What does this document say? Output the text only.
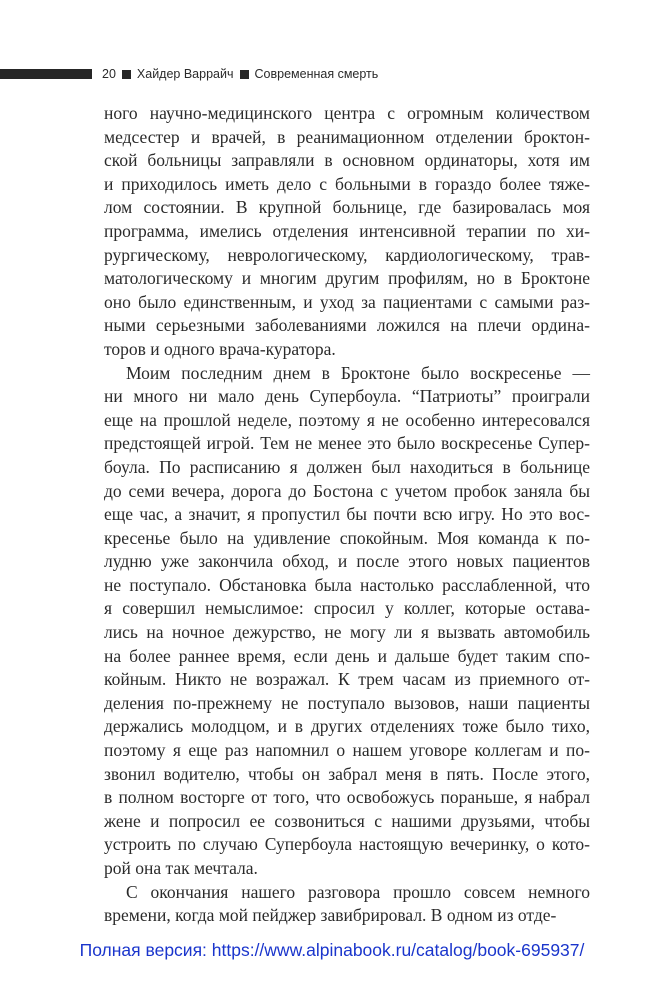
20 Хайдер Варрайч Современная смерть
ного научно-медицинского центра с огромным количеством
медсестер и врачей, в реанимационном отделении броктон-
ской больницы заправляли в основном ординаторы, хотя им
и приходилось иметь дело с больными в гораздо более тяже-
лом состоянии. В крупной больнице, где базировалась моя
программа, имелись отделения интенсивной терапии по хи-
рургическому, неврологическому, кардиологическому, трав-
матологическому и многим другим профилям, но в Броктоне
оно было единственным, и уход за пациентами с самыми раз-
ными серьезными заболеваниями ложился на плечи ордина-
торов и одного врача-куратора.
Моим последним днем в Броктоне было воскресенье —
ни много ни мало день Супербоула. “Патриоты” проиграли
еще на прошлой неделе, поэтому я не особенно интересовался
предстоящей игрой. Тем не менее это было воскресенье Супер-
боула. По расписанию я должен был находиться в больнице
до семи вечера, дорога до Бостона с учетом пробок заняла бы
еще час, а значит, я пропустил бы почти всю игру. Но это вос-
кресенье было на удивление спокойным. Моя команда к по-
лудню уже закончила обход, и после этого новых пациентов
не поступало. Обстановка была настолько расслабленной, что
я совершил немыслимое: спросил у коллег, которые остава-
лись на ночное дежурство, не могу ли я вызвать автомобиль
на более раннее время, если день и дальше будет таким спо-
койным. Никто не возражал. К трем часам из приемного от-
деления по-прежнему не поступало вызовов, наши пациенты
держались молодцом, и в других отделениях тоже было тихо,
поэтому я еще раз напомнил о нашем уговоре коллегам и по-
звонил водителю, чтобы он забрал меня в пять. После этого,
в полном восторге от того, что освобожусь пораньше, я набрал
жене и попросил ее созвониться с нашими друзьями, чтобы
устроить по случаю Супербоула настоящую вечеринку, о кото-
рой она так мечтала.
С окончания нашего разговора прошло совсем немного
времени, когда мой пейджер завибрировал. В одном из отде-
Полная версия: https://www.alpinabook.ru/catalog/book-695937/
